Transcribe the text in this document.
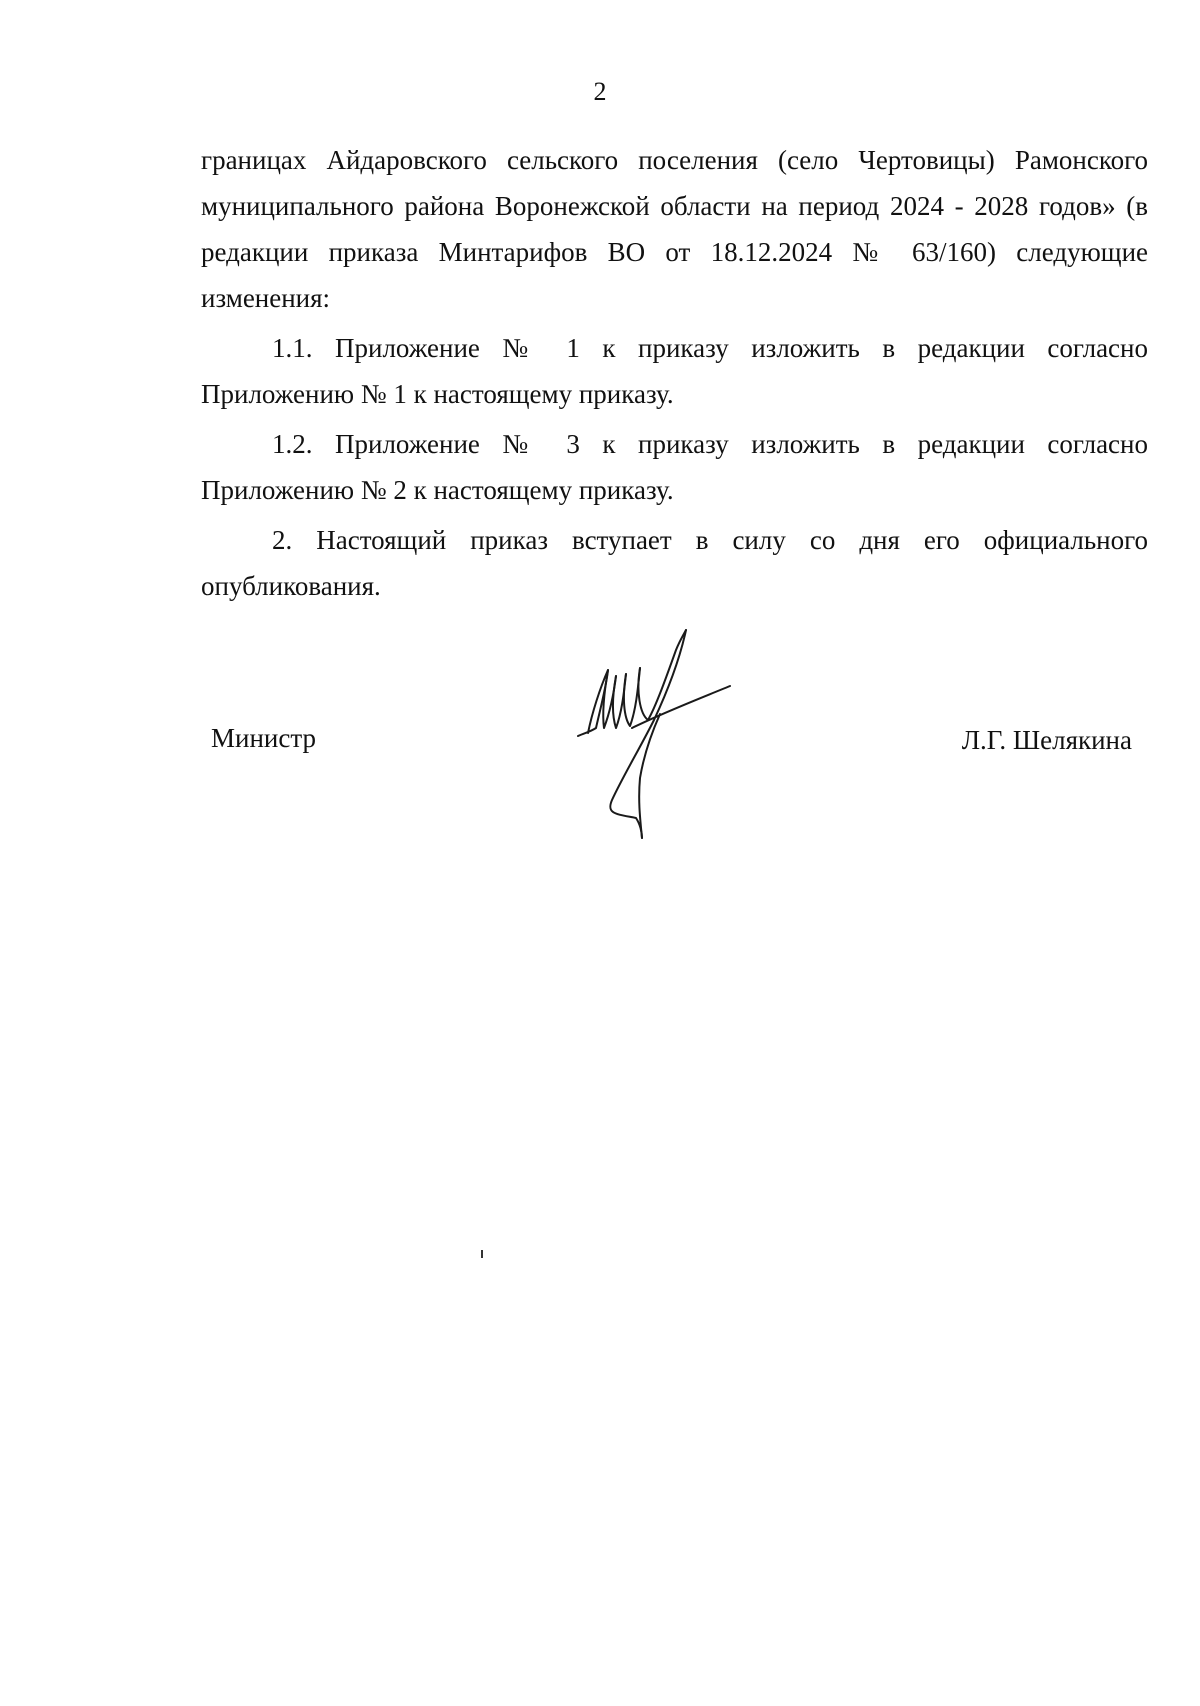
2

границах Айдаровского сельского поселения (село Чертовицы) Рамонского муниципального района Воронежской области на период 2024 - 2028 годов» (в редакции приказа Минтарифов ВО от 18.12.2024 № 63/160) следующие изменения:

1.1. Приложение № 1 к приказу изложить в редакции согласно Приложению № 1 к настоящему приказу.

1.2. Приложение № 3 к приказу изложить в редакции согласно Приложению № 2 к настоящему приказу.

2. Настоящий приказ вступает в силу со дня его официального опубликования.

Министр	Л.Г. Шелякина
